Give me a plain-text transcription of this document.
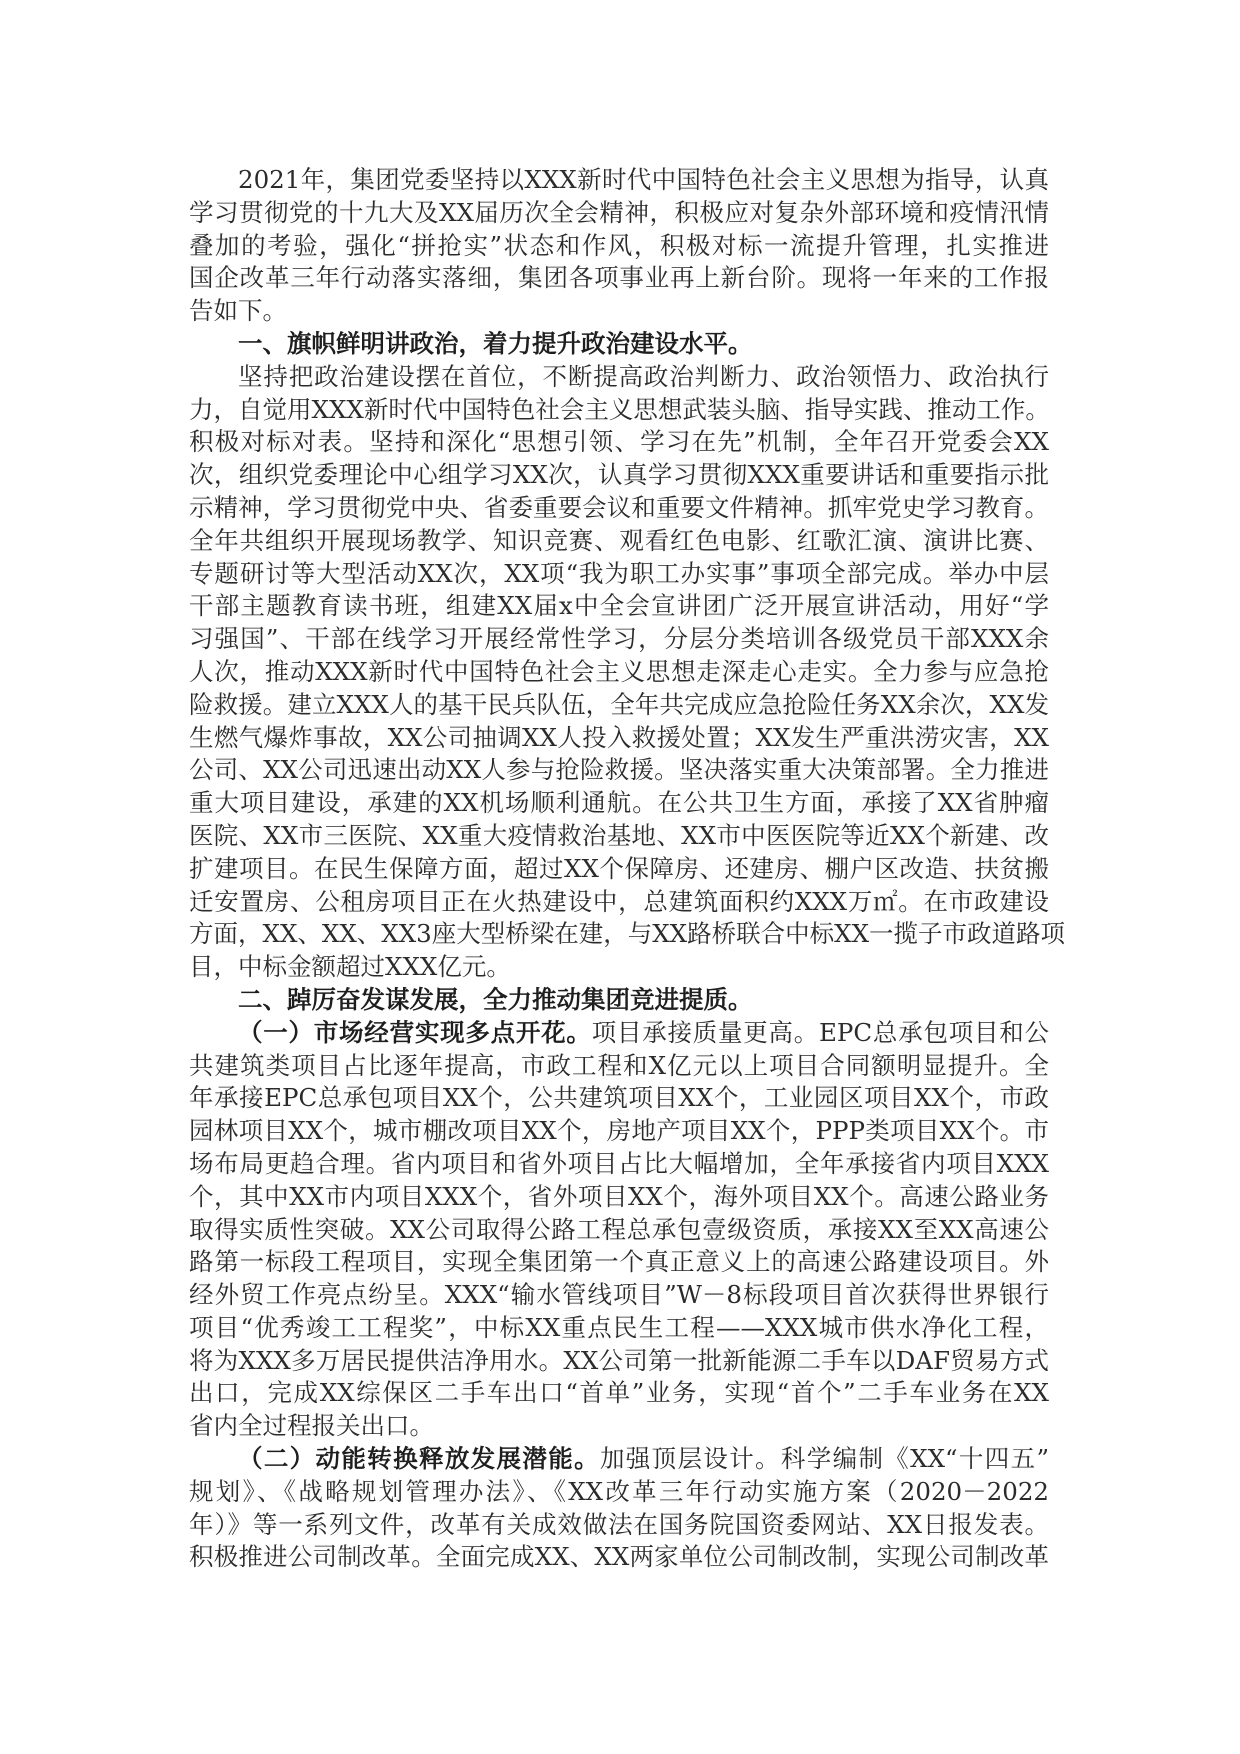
2021年，集团党委坚持以XXX新时代中国特色社会主义思想为指导，认真
学习贯彻党的十九大及XX届历次全会精神，积极应对复杂外部环境和疫情汛情
叠加的考验，强化“拼抢实”状态和作风，积极对标一流提升管理，扎实推进
国企改革三年行动落实落细，集团各项事业再上新台阶。现将一年来的工作报
告如下。
一、旗帜鲜明讲政治，着力提升政治建设水平。
坚持把政治建设摆在首位，不断提高政治判断力、政治领悟力、政治执行
力，自觉用XXX新时代中国特色社会主义思想武装头脑、指导实践、推动工作。
积极对标对表。坚持和深化“思想引领、学习在先”机制，全年召开党委会XX
次，组织党委理论中心组学习XX次，认真学习贯彻XXX重要讲话和重要指示批
示精神，学习贯彻党中央、省委重要会议和重要文件精神。抓牢党史学习教育。
全年共组织开展现场教学、知识竞赛、观看红色电影、红歌汇演、演讲比赛、
专题研讨等大型活动XX次，XX项“我为职工办实事”事项全部完成。举办中层
干部主题教育读书班，组建XX届x中全会宣讲团广泛开展宣讲活动，用好“学
习强国”、干部在线学习开展经常性学习，分层分类培训各级党员干部XXX余
人次，推动XXX新时代中国特色社会主义思想走深走心走实。全力参与应急抢
险救援。建立XXX人的基干民兵队伍，全年共完成应急抢险任务XX余次，XX发
生燃气爆炸事故，XX公司抽调XX人投入救援处置；XX发生严重洪涝灾害，XX
公司、XX公司迅速出动XX人参与抢险救援。坚决落实重大决策部署。全力推进
重大项目建设，承建的XX机场顺利通航。在公共卫生方面，承接了XX省肿瘤
医院、XX市三医院、XX重大疫情救治基地、XX市中医医院等近XX个新建、改
扩建项目。在民生保障方面，超过XX个保障房、还建房、棚户区改造、扶贫搬
迁安置房、公租房项目正在火热建设中，总建筑面积约XXX万㎡。在市政建设
方面，XX、XX、XX3座大型桥梁在建，与XX路桥联合中标XX一揽子市政道路项
目，中标金额超过XXX亿元。
二、踔厉奋发谋发展，全力推动集团竞进提质。
（一）市场经营实现多点开花。项目承接质量更高。EPC总承包项目和公
共建筑类项目占比逐年提高，市政工程和X亿元以上项目合同额明显提升。全
年承接EPC总承包项目XX个，公共建筑项目XX个，工业园区项目XX个，市政
园林项目XX个，城市棚改项目XX个，房地产项目XX个，PPP类项目XX个。市
场布局更趋合理。省内项目和省外项目占比大幅增加，全年承接省内项目XXX
个，其中XX市内项目XXX个，省外项目XX个，海外项目XX个。高速公路业务
取得实质性突破。XX公司取得公路工程总承包壹级资质，承接XX至XX高速公
路第一标段工程项目，实现全集团第一个真正意义上的高速公路建设项目。外
经外贸工作亮点纷呈。XXX“输水管线项目”W－8标段项目首次获得世界银行
项目“优秀竣工工程奖”，中标XX重点民生工程——XXX城市供水净化工程，
将为XXX多万居民提供洁净用水。XX公司第一批新能源二手车以DAF贸易方式
出口，完成XX综保区二手车出口“首单”业务，实现“首个”二手车业务在XX
省内全过程报关出口。
（二）动能转换释放发展潜能。加强顶层设计。科学编制《XX“十四五”
规划》、《战略规划管理办法》、《XX改革三年行动实施方案（2020－2022
年）》等一系列文件，改革有关成效做法在国务院国资委网站、XX日报发表。
积极推进公司制改革。全面完成XX、XX两家单位公司制改制，实现公司制改革
